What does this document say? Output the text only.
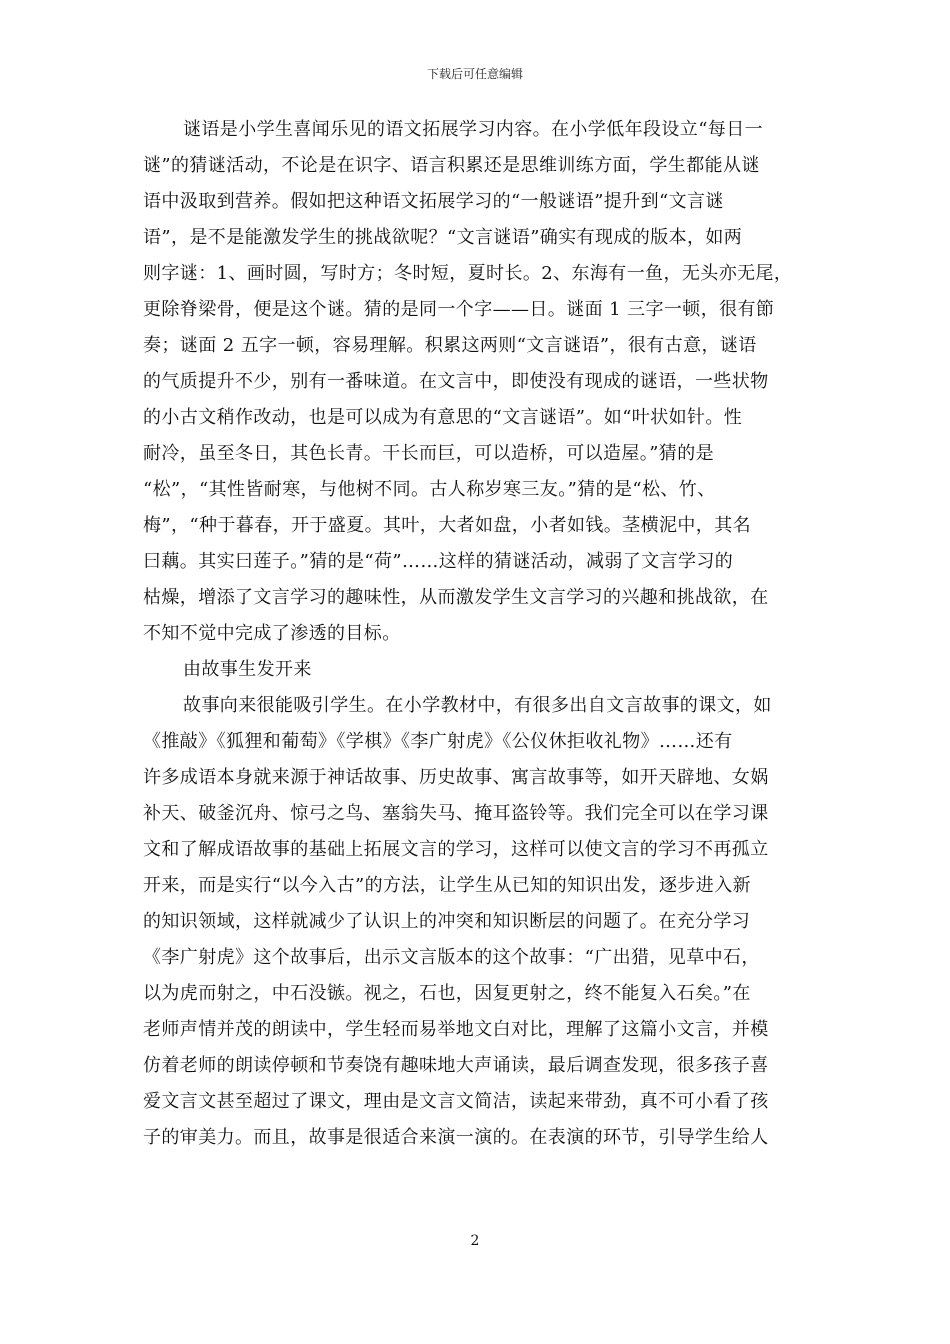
下载后可任意编辑
谜语是小学生喜闻乐见的语文拓展学习内容。在小学低年段设立“每日一
谜”的猜谜活动，不论是在识字、语言积累还是思维训练方面，学生都能从谜
语中汲取到营养。假如把这种语文拓展学习的“一般谜语”提升到“文言谜
语”，是不是能激发学生的挑战欲呢？“文言谜语”确实有现成的版本，如两
则字谜：1、画时圆，写时方；冬时短，夏时长。2、东海有一鱼，无头亦无尾，
更除脊梁骨，便是这个谜。猜的是同一个字——日。谜面 1 三字一顿，很有節
奏；谜面 2 五字一顿，容易理解。积累这两则“文言谜语”，很有古意，谜语
的气质提升不少，别有一番味道。在文言中，即使没有现成的谜语，一些状物
的小古文稍作改动，也是可以成为有意思的“文言谜语”。如“叶状如针。性
耐冷，虽至冬日，其色长青。干长而巨，可以造桥，可以造屋。”猜的是
“松”，“其性皆耐寒，与他树不同。古人称岁寒三友。”猜的是“松、竹、
梅”，“种于暮春，开于盛夏。其叶，大者如盘，小者如钱。茎横泥中，其名
曰藕。其实曰莲子。”猜的是“荷”……这样的猜谜活动，减弱了文言学习的
枯燥，增添了文言学习的趣味性，从而激发学生文言学习的兴趣和挑战欲，在
不知不觉中完成了渗透的目标。
由故事生发开来
故事向来很能吸引学生。在小学教材中，有很多出自文言故事的课文，如
《推敲》《狐狸和葡萄》《学棋》《李广射虎》《公仪休拒收礼物》……还有
许多成语本身就来源于神话故事、历史故事、寓言故事等，如开天辟地、女娲
补天、破釜沉舟、惊弓之鸟、塞翁失马、掩耳盗铃等。我们完全可以在学习课
文和了解成语故事的基础上拓展文言的学习，这样可以使文言的学习不再孤立
开来，而是实行“以今入古”的方法，让学生从已知的知识出发，逐步进入新
的知识领域，这样就减少了认识上的冲突和知识断层的问题了。在充分学习
《李广射虎》这个故事后，出示文言版本的这个故事：“广出猎，见草中石，
以为虎而射之，中石没镞。视之，石也，因复更射之，终不能复入石矣。”在
老师声情并茂的朗读中，学生轻而易举地文白对比，理解了这篇小文言，并模
仿着老师的朗读停顿和节奏饶有趣味地大声诵读，最后调查发现，很多孩子喜
爱文言文甚至超过了课文，理由是文言文简洁，读起来带劲，真不可小看了孩
子的审美力。而且，故事是很适合来演一演的。在表演的环节，引导学生给人
2
